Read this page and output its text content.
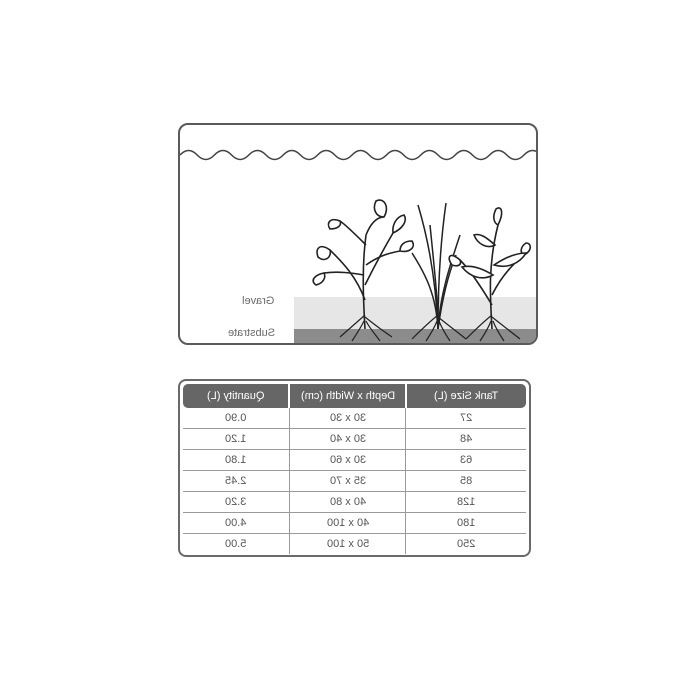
Gravel
Substrate
Quantity (L)	Depth x Width (cm)	Tank Size (L)
0.90	30 x 30	27
1.20	30 x 40	48
1.80	30 x 60	63
2.45	35 x 70	85
3.20	40 x 80	128
4.00	40 x 100	180
5.00	50 x 100	250
